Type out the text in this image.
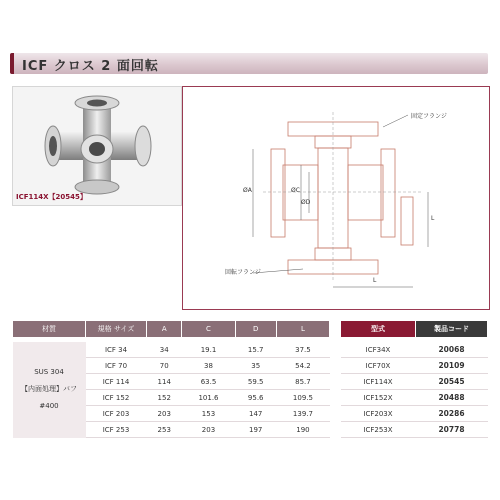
ICF クロス 2 面回転
ICF114X【20545】
固定フランジ
回転フランジ
ØA	ØC
ØD
L
L
材質	規格 サイズ	A	C	D	L

SUS 304
【内面処理】バフ #400	ICF 34	34	19.1	15.7	37.5
	ICF 70	70	38	35	54.2
	ICF 114	114	63.5	59.5	85.7
	ICF 152	152	101.6	95.6	109.5
	ICF 203	203	153	147	139.7
	ICF 253	253	203	197	190
型式	製品コード

ICF34X	20068
ICF70X	20109
ICF114X	20545
ICF152X	20488
ICF203X	20286
ICF253X	20778
